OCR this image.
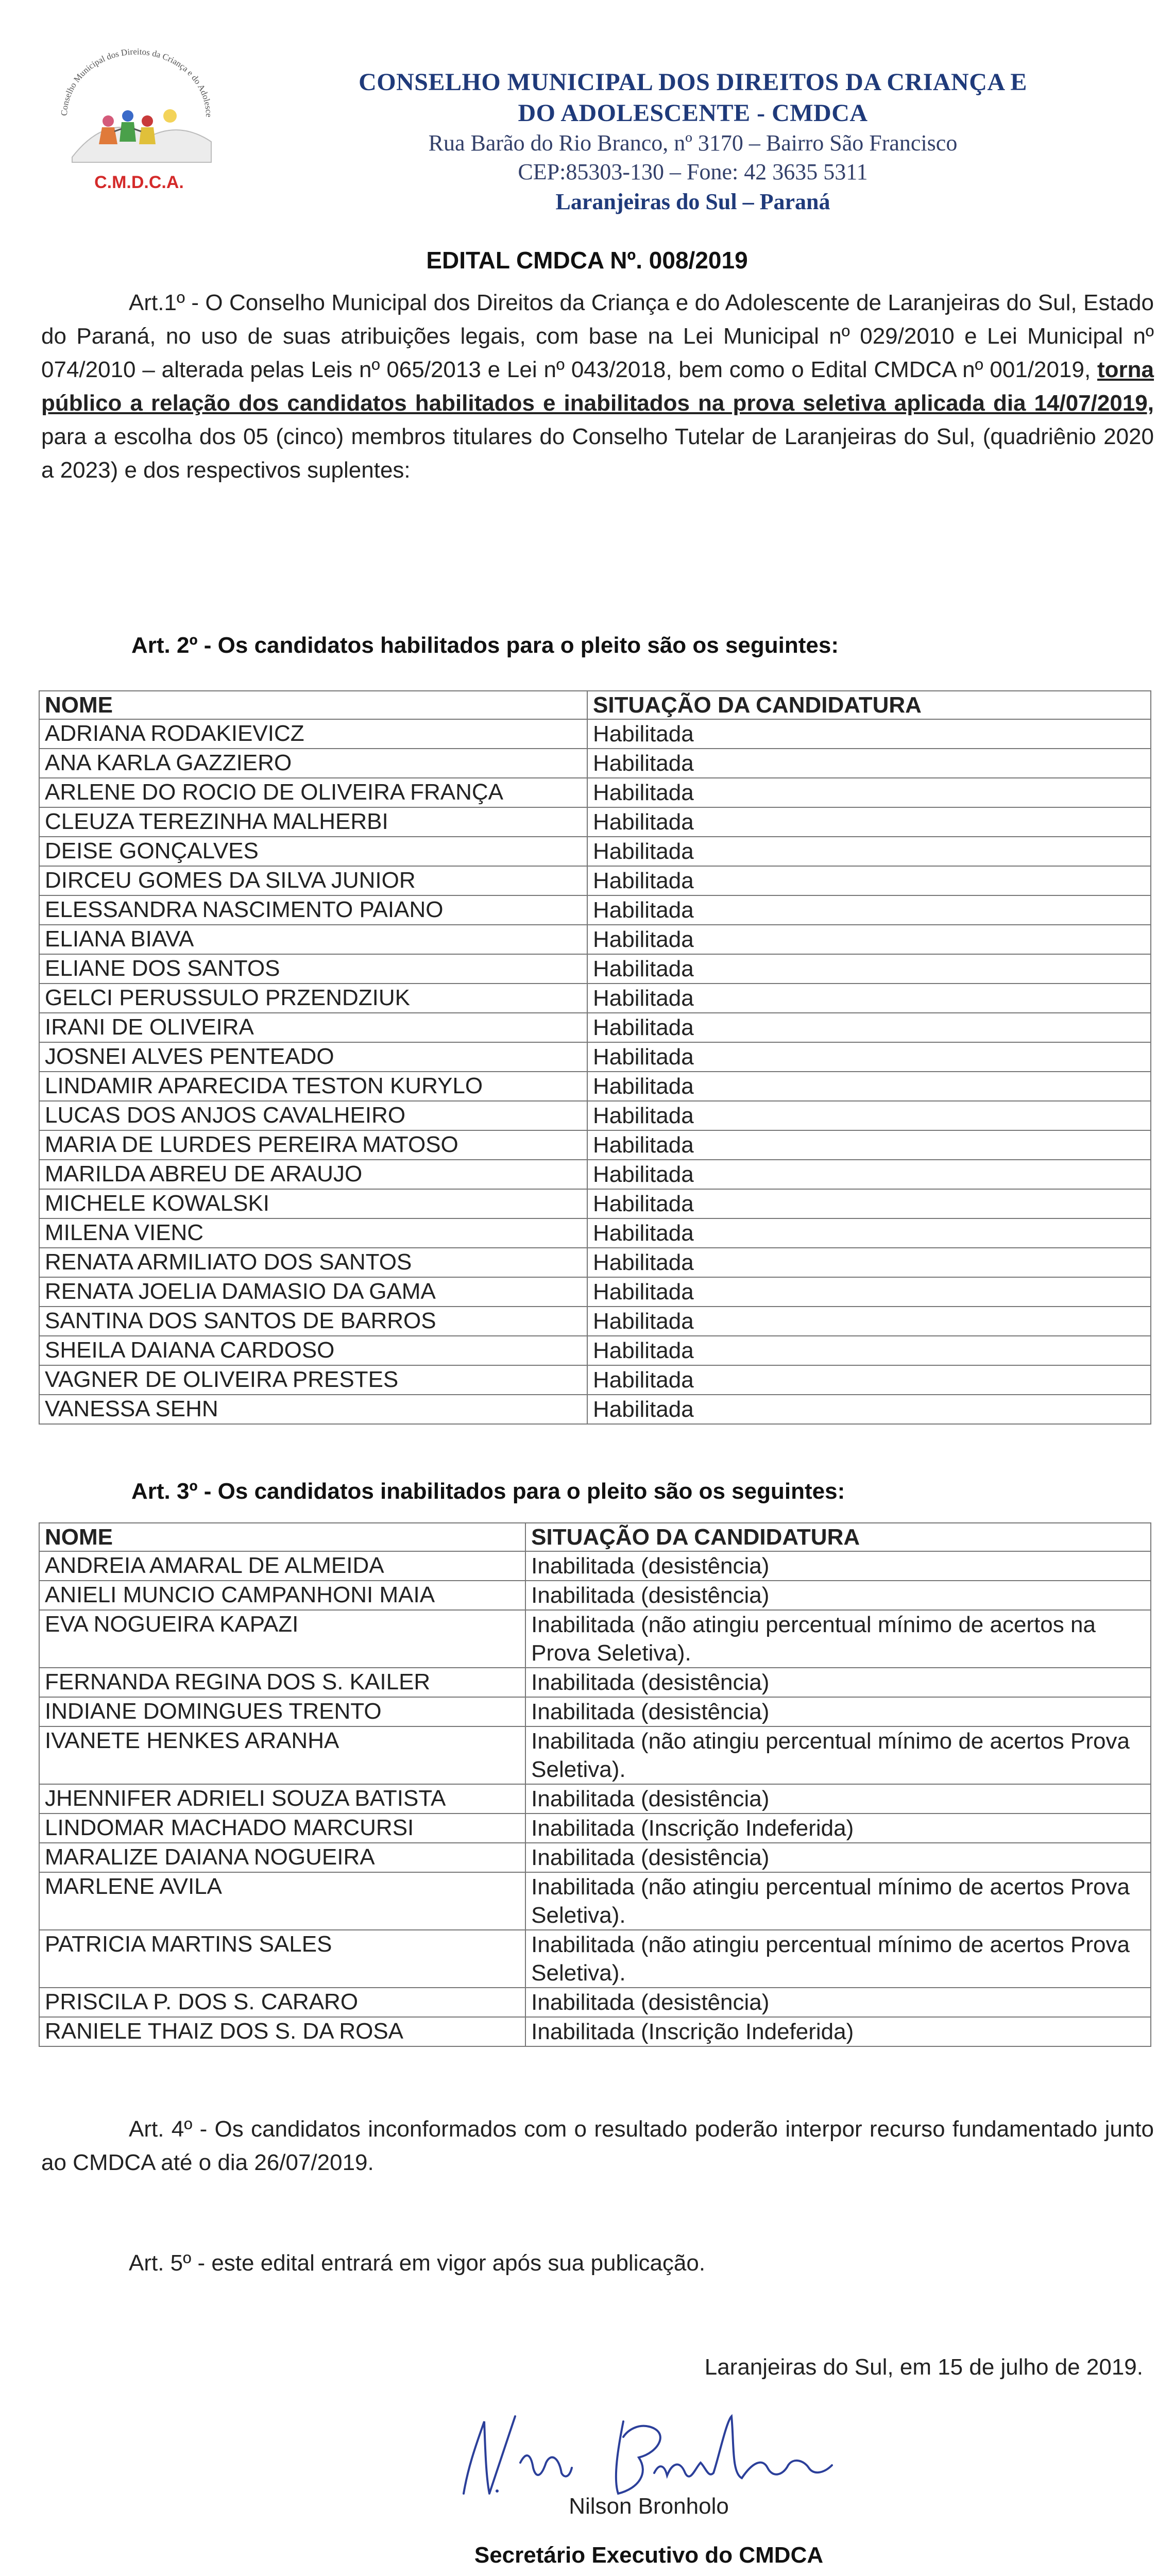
Conselho Municipal dos Direitos da Criança e do Adolesce
C.M.D.C.A.
CONSELHO MUNICIPAL DOS DIREITOS DA CRIANÇA E
DO ADOLESCENTE - CMDCA
Rua Barão do Rio Branco, nº 3170 – Bairro São Francisco
CEP:85303-130 – Fone: 42 3635 5311
Laranjeiras do Sul – Paraná
EDITAL CMDCA Nº. 008/2019
Art.1º - O Conselho Municipal dos Direitos da Criança e do Adolescente de Laranjeiras do Sul, Estado do Paraná, no uso de suas atribuições legais, com base na Lei Municipal nº 029/2010 e Lei Municipal nº 074/2010 – alterada pelas Leis nº 065/2013 e Lei nº 043/2018, bem como o Edital CMDCA nº 001/2019, torna público a relação dos candidatos habilitados e inabilitados na prova seletiva aplicada dia 14/07/2019, para a escolha dos 05 (cinco) membros titulares do Conselho Tutelar de Laranjeiras do Sul, (quadriênio 2020 a 2023) e dos respectivos suplentes:
Art. 2º - Os candidatos habilitados para o pleito são os seguintes:
NOME	SITUAÇÃO DA CANDIDATURA
ADRIANA RODAKIEVICZ	Habilitada
ANA KARLA GAZZIERO	Habilitada
ARLENE DO ROCIO DE OLIVEIRA FRANÇA	Habilitada
CLEUZA TEREZINHA MALHERBI	Habilitada
DEISE GONÇALVES	Habilitada
DIRCEU GOMES DA SILVA JUNIOR	Habilitada
ELESSANDRA NASCIMENTO PAIANO	Habilitada
ELIANA BIAVA	Habilitada
ELIANE DOS SANTOS	Habilitada
GELCI PERUSSULO PRZENDZIUK	Habilitada
IRANI DE OLIVEIRA	Habilitada
JOSNEI ALVES PENTEADO	Habilitada
LINDAMIR APARECIDA TESTON KURYLO	Habilitada
LUCAS DOS ANJOS CAVALHEIRO	Habilitada
MARIA DE LURDES PEREIRA MATOSO	Habilitada
MARILDA ABREU DE ARAUJO	Habilitada
MICHELE KOWALSKI	Habilitada
MILENA VIENC	Habilitada
RENATA ARMILIATO DOS SANTOS	Habilitada
RENATA JOELIA DAMASIO DA GAMA	Habilitada
SANTINA DOS SANTOS DE BARROS	Habilitada
SHEILA DAIANA CARDOSO	Habilitada
VAGNER DE OLIVEIRA PRESTES	Habilitada
VANESSA SEHN	Habilitada
Art. 3º - Os candidatos inabilitados para o pleito são os seguintes:
NOME	SITUAÇÃO DA CANDIDATURA
ANDREIA AMARAL DE ALMEIDA	Inabilitada (desistência)
ANIELI MUNCIO CAMPANHONI MAIA	Inabilitada (desistência)
EVA NOGUEIRA KAPAZI	Inabilitada (não atingiu percentual mínimo de acertos na Prova Seletiva).
FERNANDA REGINA DOS S. KAILER	Inabilitada (desistência)
INDIANE DOMINGUES TRENTO	Inabilitada (desistência)
IVANETE HENKES ARANHA	Inabilitada (não atingiu percentual mínimo de acertos Prova Seletiva).
JHENNIFER ADRIELI SOUZA BATISTA	Inabilitada (desistência)
LINDOMAR MACHADO MARCURSI	Inabilitada (Inscrição Indeferida)
MARALIZE DAIANA NOGUEIRA	Inabilitada (desistência)
MARLENE AVILA	Inabilitada (não atingiu percentual mínimo de acertos Prova Seletiva).
PATRICIA MARTINS SALES	Inabilitada (não atingiu percentual mínimo de acertos Prova Seletiva).
PRISCILA P. DOS S. CARARO	Inabilitada (desistência)
RANIELE THAIZ DOS S. DA ROSA	Inabilitada (Inscrição Indeferida)
Art. 4º - Os candidatos inconformados com o resultado poderão interpor recurso fundamentado junto ao CMDCA até o dia 26/07/2019.
Art. 5º - este edital entrará em vigor após sua publicação.
Laranjeiras do Sul, em 15 de julho de 2019.
Nilson Bronholo
Secretário Executivo do CMDCA
